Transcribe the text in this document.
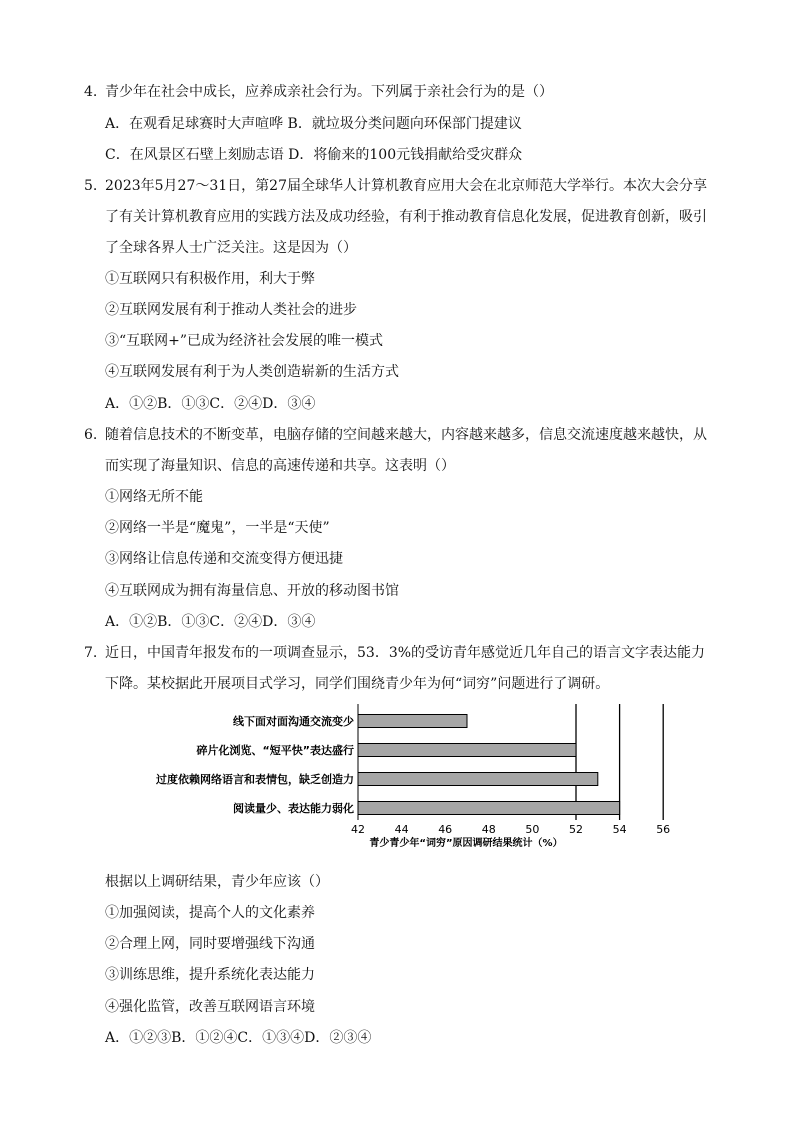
4. 青少年在社会中成长，应养成亲社会行为。下列属于亲社会行为的是（）
A．在观看足球赛时大声喧哗 B．就垃圾分类问题向环保部门提建议
C．在风景区石壁上刻励志语 D．将偷来的100元钱捐献给受灾群众
5. 2023年5月27～31日，第27届全球华人计算机教育应用大会在北京师范大学举行。本次大会分享
了有关计算机教育应用的实践方法及成功经验，有利于推动教育信息化发展，促进教育创新，吸引
了全球各界人士广泛关注。这是因为（）
①互联网只有积极作用，利大于弊
②互联网发展有利于推动人类社会的进步
③“互联网+”已成为经济社会发展的唯一模式
④互联网发展有利于为人类创造崭新的生活方式
A．①②B．①③C．②④D．③④
6. 随着信息技术的不断变革，电脑存储的空间越来越大，内容越来越多，信息交流速度越来越快，从
而实现了海量知识、信息的高速传递和共享。这表明（）
①网络无所不能
②网络一半是“魔鬼”，一半是“天使”
③网络让信息传递和交流变得方便迅捷
④互联网成为拥有海量信息、开放的移动图书馆
A．①②B．①③C．②④D．③④
7. 近日，中国青年报发布的一项调查显示，53．3%的受访青年感觉近几年自己的语言文字表达能力
下降。某校据此开展项目式学习，同学们围绕青少年为何“词穷”问题进行了调研。
线下面对面沟通交流变少
碎片化浏览、“短平快”表达盛行
过度依赖网络语言和表情包，缺乏创造力
阅读量少、表达能力弱化
42	44	46	48	50	52	54	56
青少青少年“词穷”原因调研结果统计（%）
根据以上调研结果，青少年应该（）
①加强阅读，提高个人的文化素养
②合理上网，同时要增强线下沟通
③训练思维，提升系统化表达能力
④强化监管，改善互联网语言环境
A．①②③B．①②④C．①③④D．②③④
